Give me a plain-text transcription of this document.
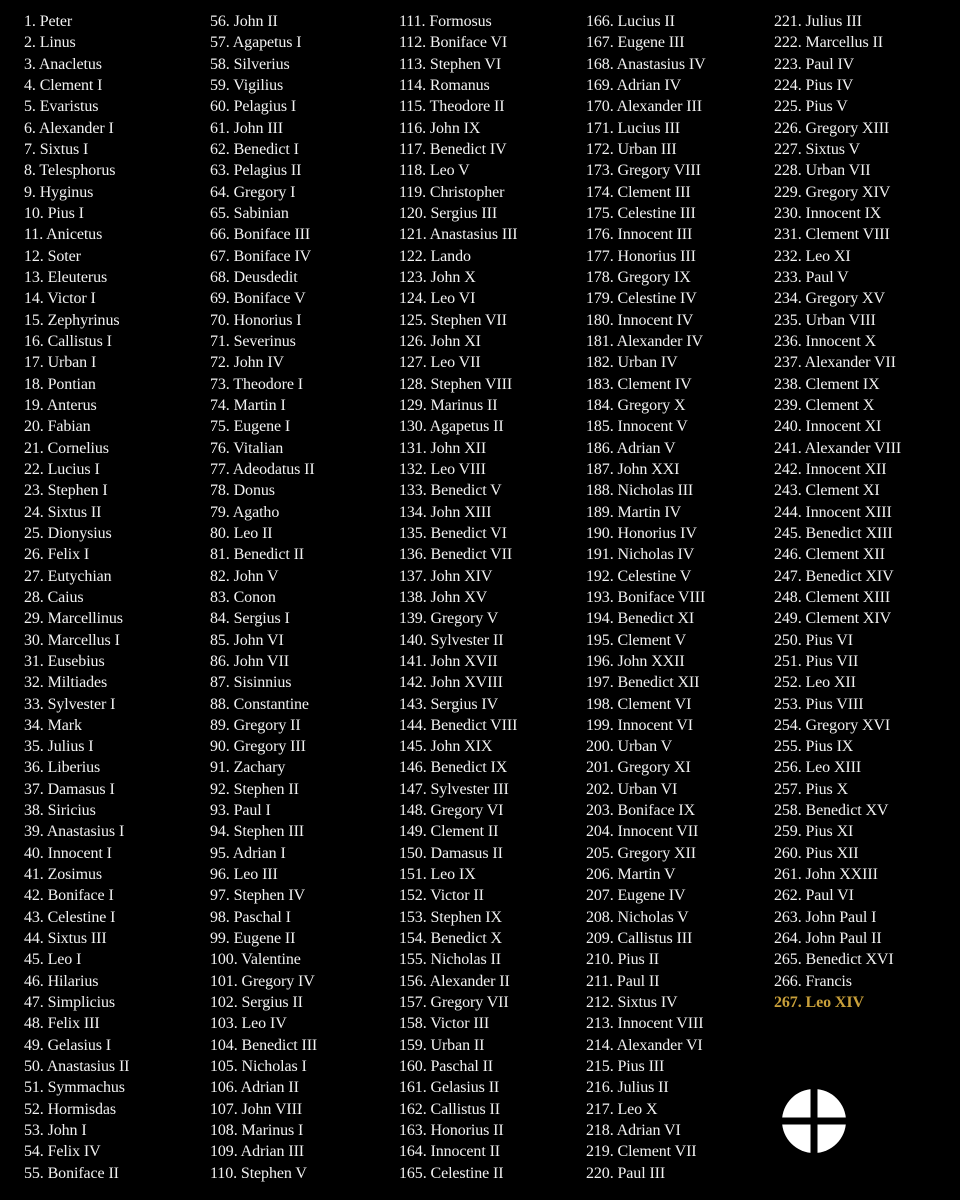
1. Peter
2. Linus
3. Anacletus
4. Clement I
5. Evaristus
6. Alexander I
7. Sixtus I
8. Telesphorus
9. Hyginus
10. Pius I
11. Anicetus
12. Soter
13. Eleuterus
14. Victor I
15. Zephyrinus
16. Callistus I
17. Urban I
18. Pontian
19. Anterus
20. Fabian
21. Cornelius
22. Lucius I
23. Stephen I
24. Sixtus II
25. Dionysius
26. Felix I
27. Eutychian
28. Caius
29. Marcellinus
30. Marcellus I
31. Eusebius
32. Miltiades
33. Sylvester I
34. Mark
35. Julius I
36. Liberius
37. Damasus I
38. Siricius
39. Anastasius I
40. Innocent I
41. Zosimus
42. Boniface I
43. Celestine I
44. Sixtus III
45. Leo I
46. Hilarius
47. Simplicius
48. Felix III
49. Gelasius I
50. Anastasius II
51. Symmachus
52. Hormisdas
53. John I
54. Felix IV
55. Boniface II
56. John II
57. Agapetus I
58. Silverius
59. Vigilius
60. Pelagius I
61. John III
62. Benedict I
63. Pelagius II
64. Gregory I
65. Sabinian
66. Boniface III
67. Boniface IV
68. Deusdedit
69. Boniface V
70. Honorius I
71. Severinus
72. John IV
73. Theodore I
74. Martin I
75. Eugene I
76. Vitalian
77. Adeodatus II
78. Donus
79. Agatho
80. Leo II
81. Benedict II
82. John V
83. Conon
84. Sergius I
85. John VI
86. John VII
87. Sisinnius
88. Constantine
89. Gregory II
90. Gregory III
91. Zachary
92. Stephen II
93. Paul I
94. Stephen III
95. Adrian I
96. Leo III
97. Stephen IV
98. Paschal I
99. Eugene II
100. Valentine
101. Gregory IV
102. Sergius II
103. Leo IV
104. Benedict III
105. Nicholas I
106. Adrian II
107. John VIII
108. Marinus I
109. Adrian III
110. Stephen V
111. Formosus
112. Boniface VI
113. Stephen VI
114. Romanus
115. Theodore II
116. John IX
117. Benedict IV
118. Leo V
119. Christopher
120. Sergius III
121. Anastasius III
122. Lando
123. John X
124. Leo VI
125. Stephen VII
126. John XI
127. Leo VII
128. Stephen VIII
129. Marinus II
130. Agapetus II
131. John XII
132. Leo VIII
133. Benedict V
134. John XIII
135. Benedict VI
136. Benedict VII
137. John XIV
138. John XV
139. Gregory V
140. Sylvester II
141. John XVII
142. John XVIII
143. Sergius IV
144. Benedict VIII
145. John XIX
146. Benedict IX
147. Sylvester III
148. Gregory VI
149. Clement II
150. Damasus II
151. Leo IX
152. Victor II
153. Stephen IX
154. Benedict X
155. Nicholas II
156. Alexander II
157. Gregory VII
158. Victor III
159. Urban II
160. Paschal II
161. Gelasius II
162. Callistus II
163. Honorius II
164. Innocent II
165. Celestine II
166. Lucius II
167. Eugene III
168. Anastasius IV
169. Adrian IV
170. Alexander III
171. Lucius III
172. Urban III
173. Gregory VIII
174. Clement III
175. Celestine III
176. Innocent III
177. Honorius III
178. Gregory IX
179. Celestine IV
180. Innocent IV
181. Alexander IV
182. Urban IV
183. Clement IV
184. Gregory X
185. Innocent V
186. Adrian V
187. John XXI
188. Nicholas III
189. Martin IV
190. Honorius IV
191. Nicholas IV
192. Celestine V
193. Boniface VIII
194. Benedict XI
195. Clement V
196. John XXII
197. Benedict XII
198. Clement VI
199. Innocent VI
200. Urban V
201. Gregory XI
202. Urban VI
203. Boniface IX
204. Innocent VII
205. Gregory XII
206. Martin V
207. Eugene IV
208. Nicholas V
209. Callistus III
210. Pius II
211. Paul II
212. Sixtus IV
213. Innocent VIII
214. Alexander VI
215. Pius III
216. Julius II
217. Leo X
218. Adrian VI
219. Clement VII
220. Paul III
221. Julius III
222. Marcellus II
223. Paul IV
224. Pius IV
225. Pius V
226. Gregory XIII
227. Sixtus V
228. Urban VII
229. Gregory XIV
230. Innocent IX
231. Clement VIII
232. Leo XI
233. Paul V
234. Gregory XV
235. Urban VIII
236. Innocent X
237. Alexander VII
238. Clement IX
239. Clement X
240. Innocent XI
241. Alexander VIII
242. Innocent XII
243. Clement XI
244. Innocent XIII
245. Benedict XIII
246. Clement XII
247. Benedict XIV
248. Clement XIII
249. Clement XIV
250. Pius VI
251. Pius VII
252. Leo XII
253. Pius VIII
254. Gregory XVI
255. Pius IX
256. Leo XIII
257. Pius X
258. Benedict XV
259. Pius XI
260. Pius XII
261. John XXIII
262. Paul VI
263. John Paul I
264. John Paul II
265. Benedict XVI
266. Francis
267. Leo XIV
